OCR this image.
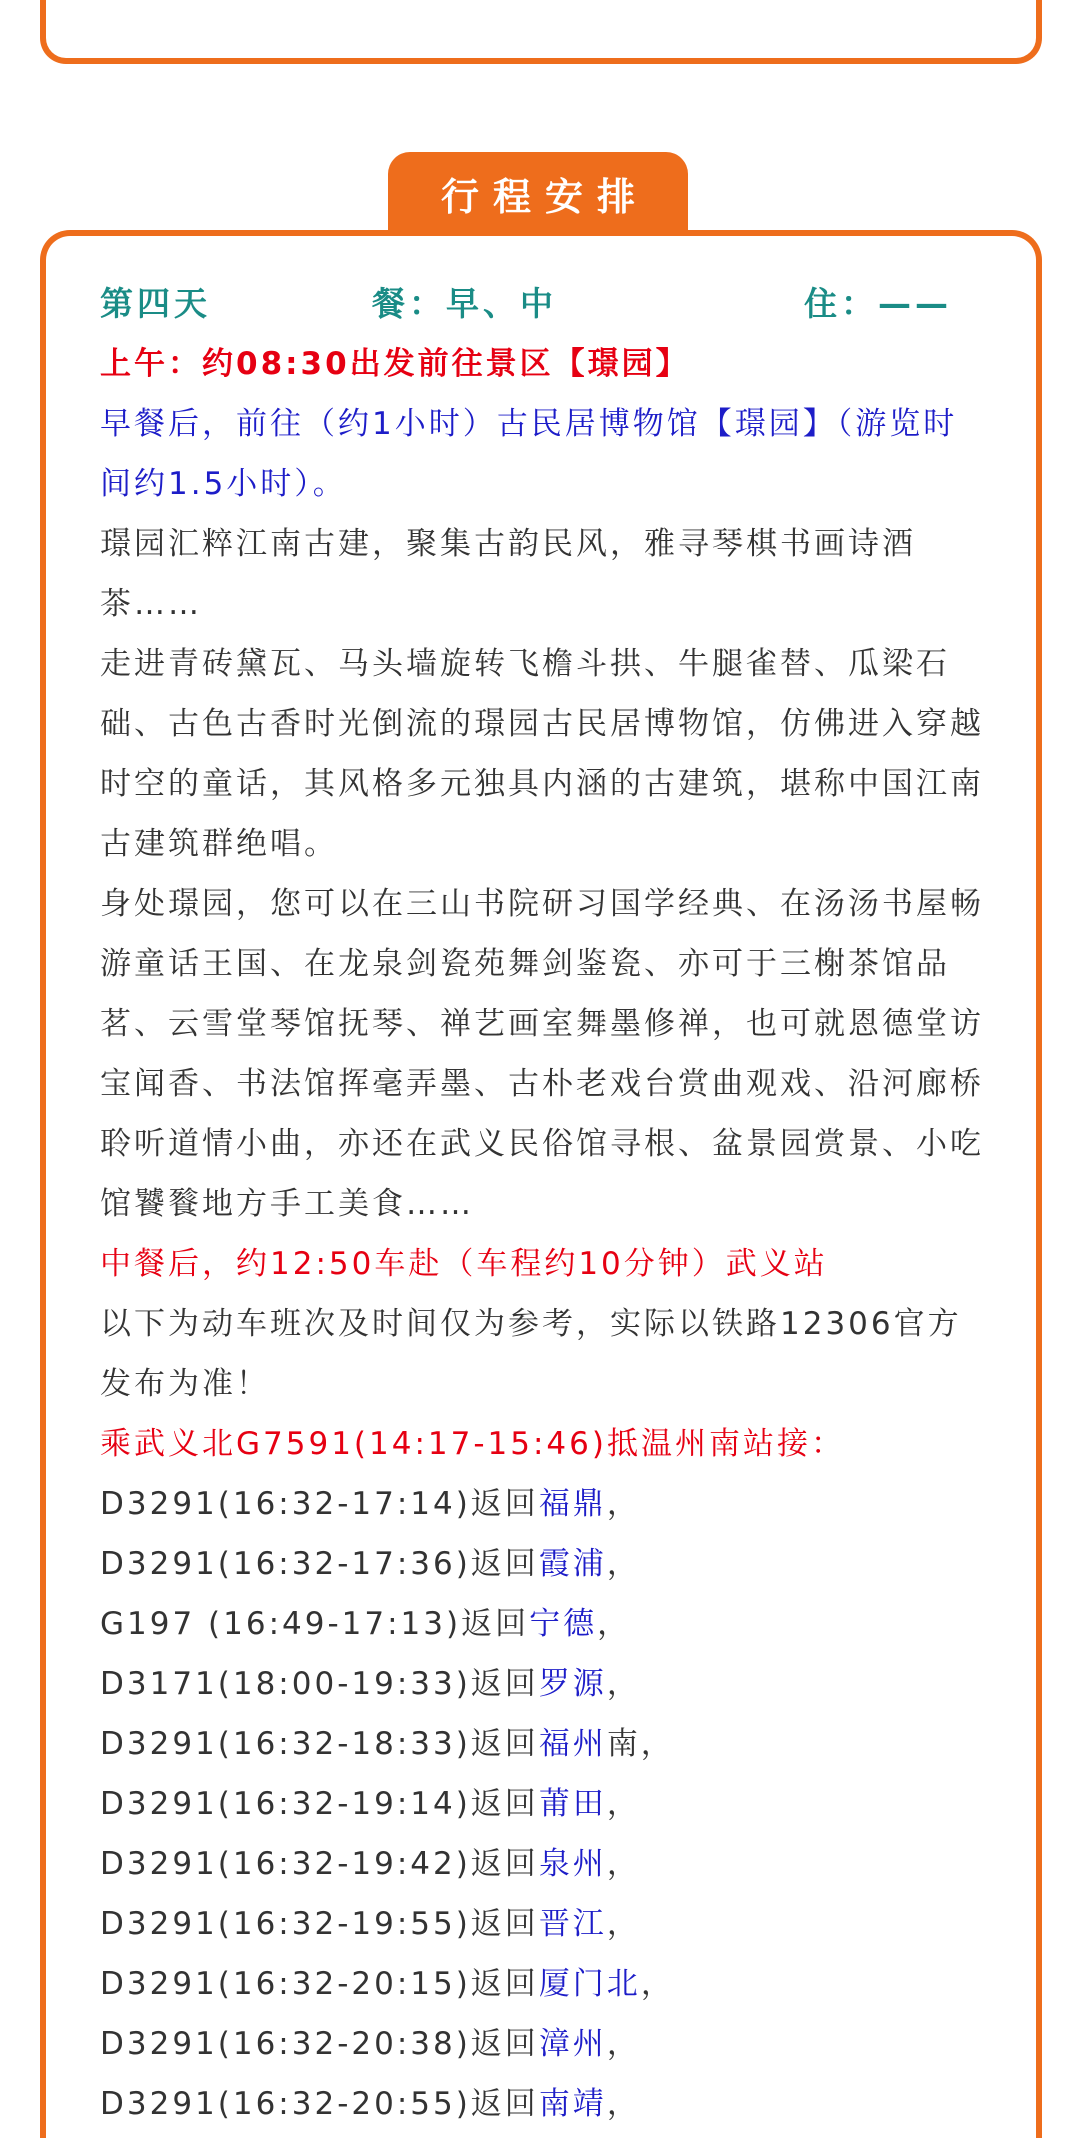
行程安排
第四天	餐：早、中	住：——

上午：约08:30出发前往景区【璟园】

早餐后，前往（约1小时）古民居博物馆【璟园】（游览时间约1.5小时）。

璟园汇粹江南古建，聚集古韵民风，雅寻琴棋书画诗酒茶……

走进青砖黛瓦、马头墙旋转飞檐斗拱、牛腿雀替、瓜梁石础、古色古香时光倒流的璟园古民居博物馆，仿佛进入穿越时空的童话，其风格多元独具内涵的古建筑，堪称中国江南古建筑群绝唱。

身处璟园，您可以在三山书院研习国学经典、在汤汤书屋畅游童话王国、在龙泉剑瓷苑舞剑鉴瓷、亦可于三榭茶馆品茗、云雪堂琴馆抚琴、禅艺画室舞墨修禅，也可就恩德堂访宝闻香、书法馆挥毫弄墨、古朴老戏台赏曲观戏、沿河廊桥聆听道情小曲，亦还在武义民俗馆寻根、盆景园赏景、小吃馆饕餮地方手工美食……

中餐后，约12:50车赴（车程约10分钟）武义站

以下为动车班次及时间仅为参考，实际以铁路12306官方发布为准！

乘武义北G7591(14:17-15:46)抵温州南站接：

D3291(16:32-17:14)返回福鼎，

D3291(16:32-17:36)返回霞浦，

G197 (16:49-17:13)返回宁德，

D3171(18:00-19:33)返回罗源，

D3291(16:32-18:33)返回福州南，

D3291(16:32-19:14)返回莆田，

D3291(16:32-19:42)返回泉州，

D3291(16:32-19:55)返回晋江，

D3291(16:32-20:15)返回厦门北，

D3291(16:32-20:38)返回漳州，

D3291(16:32-20:55)返回南靖，
